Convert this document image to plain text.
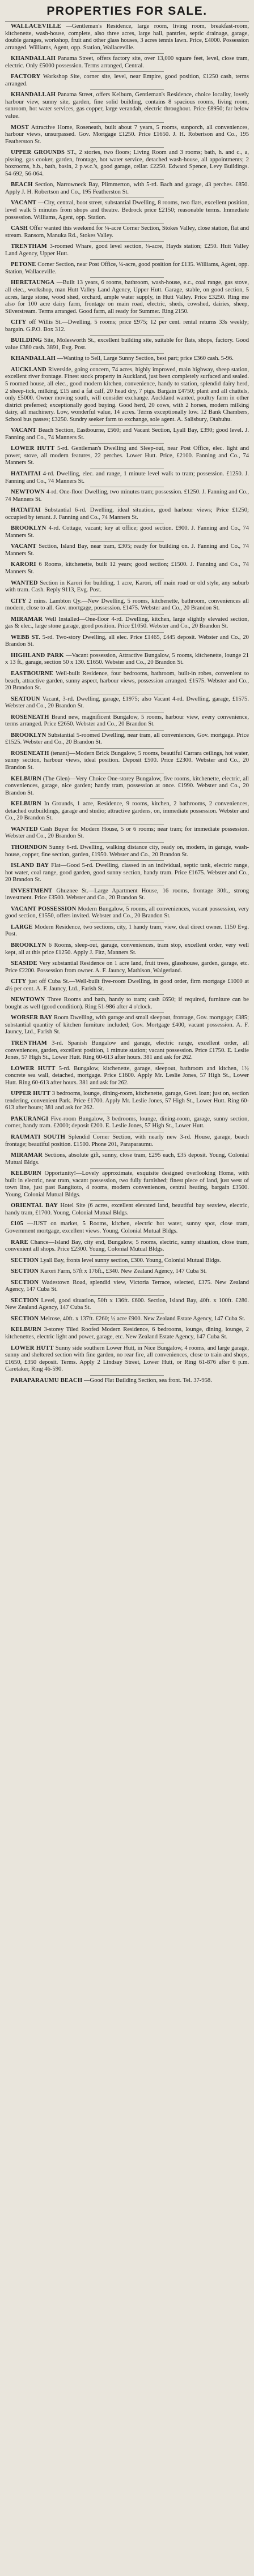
PROPERTIES FOR SALE.

WALLACEVILLE —Gentleman's Residence, large room, living room, breakfast-room, kitchenette, wash-house, complete, also three acres, large hall, pantries, septic drainage, garage, double garages, workshop, fruit and other glass houses, 3 acres tennis lawn. Price, £4000. Possession arranged. Williams, Agent, opp. Station, Wallaceville.

KHANDALLAH Panama Street, offers factory site, over 13,000 square feet, level, close tram, electric. Only £5000 possession. Terms arranged, Central.

FACTORY Workshop Site, corner site, level, near Empire, good position, £1250 cash, terms arranged.

KHANDALLAH Panama Street, offers Kelburn, Gentleman's Residence, choice locality, lovely harbour view, sunny site, garden, fine solid building, contains 8 spacious rooms, living room, sunroom, hot water services, gas copper, large verandah, electric throughout. Price £8950; far below value.

MOST Attractive Home, Roseneath, built about 7 years, 5 rooms, sunporch, all conveniences, harbour views, unsurpassed. Gov. Mortgage £1250. Price £1650. J. H. Robertson and Co., 195 Featherston St.

UPPER GROUNDS ST., 2 stories, two floors; Living Room and 3 rooms; bath, h. and c., a, pissing, gas cooker, garden, frontage, hot water service, detached wash-house, all appointments; 2 boxrooms, h.b., bath, basin, 2 p.w.c.'s, good garage, cellar. £2250. Edward Spence, Levy Buildings. 54-692, 56-064.

BEACH Section, Narrowneck Bay, Plimmerton, with 5-rd. Bach and garage, 43 perches. £850. Apply J. H. Robertson and Co., 195 Featherston St.

VACANT —City, central, boot street, substantial Dwelling, 8 rooms, two flats, excellent position, level walk 5 minutes from shops and theatre. Bedrock price £2150; reasonable terms. Immediate possession. Williams, Agent, opp. Station.

CASH Offer wanted this weekend for ¼-acre Corner Section, Stokes Valley, close station, flat and stream. Ransom, Manuka Rd., Stokes Valley.

TRENTHAM 3-roomed Whare, good level section, ¼-acre, Hayds station; £250. Hutt Valley Land Agency, Upper Hutt.

PETONE Corner Section, near Post Office, ¼-acre, good position for £135. Williams, Agent, opp. Station, Wallaceville.

HERETAUNGA —Built 13 years, 6 rooms, bathroom, wash-house, e.c., coal range, gas stove, all elec., workshop, man Hutt Valley Land Agency, Upper Hutt. Garage, stable, on good section, 5 acres, large stone, wood shed, orchard, ample water supply, in Hutt Valley. Price £3250. Ring me also for 100 acre dairy farm, frontage on main road, electric, sheds, cowshed, dairies, sheep, Silverstream. Terms arranged. Good farm, all ready for Summer. Ring 2150.

CITY off Willis St.—Dwelling, 5 rooms; price £975; 12 per cent. rental returns 33s weekly; bargain. G.P.O. Box 312.

BUILDING Site, Molesworth St., excellent building site, suitable for flats, shops, factory. Good value £380 cash. 3891, Evg. Post.

KHANDALLAH —Wanting to Sell, Large Sunny Section, best part; price £360 cash. 5-96.

AUCKLAND Riverside, going concern, 74 acres, highly improved, main highway, sheep station, excellent river frontage. Finest stock property in Auckland, just been completely surfaced and sealed. 5 roomed house, all elec., good modern kitchen, convenience, handy to station, splendid dairy herd, 2 sheep-tick, milking, £15 and a fat calf, 20 head dry, 7 pigs. Bargain £4750; plant and all chattels, only £5000. Owner moving south, will consider exchange. Auckland wanted, poultry farm in other district preferred; exceptionally good buying. Good herd, 20 cows, with 2 horses, modern milking dairy, all machinery. Low, wonderful value, 14 acres. Terms exceptionally low. 12 Bank Chambers, School bus passes; £3250. Sundry seeker farm to exchange, sole agent. A. Salisbury, Otahuhu.

VACANT Beach Section, Eastbourne, £560; and Vacant Section, Lyall Bay, £390; good level. J. Fanning and Co., 74 Manners St.

LOWER HUTT 5-rd. Gentleman's Dwelling and Sleep-out, near Post Office, elec. light and power, stove, all modern features, 22 perches. Lower Hutt. Price, £2100. Fanning and Co., 74 Manners St.

HATAITAI 4-rd. Dwelling, elec. and range, 1 minute level walk to tram; possession. £1250. J. Fanning and Co., 74 Manners St.

NEWTOWN 4-rd. One-floor Dwelling, two minutes tram; possession. £1250. J. Fanning and Co., 74 Manners St.

HATAITAI Substantial 6-rd. Dwelling, ideal situation, good harbour views; Price £1250; occupied by tenant. J. Fanning and Co., 74 Manners St.

BROOKLYN 4-rd. Cottage, vacant; key at office; good section. £900. J. Fanning and Co., 74 Manners St.

VACANT Section, Island Bay, near tram, £305; ready for building on. J. Fanning and Co., 74 Manners St.

KARORI 6 Rooms, kitchenette, built 12 years; good section; £1500. J. Fanning and Co., 74 Manners St.

WANTED Section in Karori for building, 1 acre, Karori, off main road or old style, any suburb with tram. Cash. Reply 9113, Evg. Post.

CITY 2 mins. Lambton Qy.—New Dwelling, 5 rooms, kitchenette, bathroom, conveniences all modern, close to all. Gov. mortgage, possession. £1475. Webster and Co., 20 Brandon St.

MIRAMAR Well Installed—One-floor 4-rd. Dwelling, kitchen, large slightly elevated section, gas & elec., large stone garage, good position. Price £1050. Webster and Co., 20 Brandon St.

WEBB ST. 5-rd. Two-story Dwelling, all elec. Price £1465, £445 deposit. Webster and Co., 20 Brandon St.

HIGHLAND PARK —Vacant possession, Attractive Bungalow, 5 rooms, kitchenette, lounge 21 x 13 ft., garage, section 50 x 130. £1650. Webster and Co., 20 Brandon St.

EASTBOURNE Well-built Residence, four bedrooms, bathroom, built-in robes, convenient to beach, attractive garden, sunny aspect, harbour views, possession arranged. £1575. Webster and Co., 20 Brandon St.

SEATOUN Vacant, 3-rd. Dwelling, garage, £1975; also Vacant 4-rd. Dwelling, garage, £1575. Webster and Co., 20 Brandon St.

ROSENEATH Brand new, magnificent Bungalow, 5 rooms, harbour view, every convenience, terms arranged. Price £2650. Webster and Co., 20 Brandon St.

BROOKLYN Substantial 5-roomed Dwelling, near tram, all conveniences, Gov. mortgage. Price £1525. Webster and Co., 20 Brandon St.

ROSENEATH (tenant)—Modern Brick Bungalow, 5 rooms, beautiful Carrara ceilings, hot water, sunny section, harbour views, ideal position. Deposit £500. Price £2300. Webster and Co., 20 Brandon St.

KELBURN (The Glen)—Very Choice One-storey Bungalow, five rooms, kitchenette, electric, all conveniences, garage, nice garden; handy tram, possession at once. £1990. Webster and Co., 20 Brandon St.

KELBURN In Grounds, 1 acre, Residence, 9 rooms, kitchen, 2 bathrooms, 2 conveniences, detached outbuildings, garage and studio; attractive gardens, on, immediate possession. Webster and Co., 20 Brandon St.

WANTED Cash Buyer for Modern House, 5 or 6 rooms; near tram; for immediate possession. Webster and Co., 20 Brandon St.

THORNDON Sunny 6-rd. Dwelling, walking distance city, ready on, modern, in garage, wash-house, copper, fine section, garden, £1950. Webster and Co., 20 Brandon St.

ISLAND BAY Flat—Good 5-rd. Dwelling, classed in an individual, septic tank, electric range, hot water, coal range, good garden, good sunny section, handy tram. Price £1675. Webster and Co., 20 Brandon St.

INVESTMENT Ghuznee St.—Large Apartment House, 16 rooms, frontage 30ft., strong investment. Price £3500. Webster and Co., 20 Brandon St.

VACANT POSSESSION Modern Bungalow, 5 rooms, all conveniences, vacant possession, very good section, £1550, offers invited. Webster and Co., 20 Brandon St.

LARGE Modern Residence, two sections, city, 1 handy tram, view, deal direct owner. 1150 Evg. Post.

BROOKLYN 6 Rooms, sleep-out, garage, conveniences, tram stop, excellent order, very well kept, all at this price £1250. Apply J. Fitz, Manners St.

SEASIDE Very substantial Residence on 1 acre land, fruit trees, glasshouse, garden, garage, etc. Price £2200. Possession from owner. A. F. Jauncy, Mathison, Walgerland.

CITY just off Cuba St.—Well-built five-room Dwelling, in good order, firm mortgage £1000 at 4½ per cent. A. F. Jauncy, Ltd., Farish St.

NEWTOWN Three Rooms and bath, handy to tram; cash £650; if required, furniture can be bought as well (good condition). Ring 51-986 after 4 o'clock.

WORSER BAY Room Dwelling, with garage and small sleepout, frontage, Gov. mortgage; £385; substantial quantity of kitchen furniture included; Gov. Mortgage £400, vacant possession. A. F. Jauncy, Ltd., Farish St.

TRENTHAM 3-rd. Spanish Bungalow and garage, electric range, excellent order, all conveniences, garden, excellent position, 1 minute station; vacant possession. Price £1750. E. Leslie Jones, 57 High St., Lower Hutt. Ring 60-613 after hours. 381 and ask for 262.

LOWER HUTT 5-rd. Bungalow, kitchenette, garage, sleepout, bathroom and kitchen, 1½ concrete sea wall, detached, mortgage. Price £1600. Apply Mr. Leslie Jones, 57 High St., Lower Hutt. Ring 60-613 after hours. 381 and ask for 262.

UPPER HUTT 3 bedrooms, lounge, dining-room, kitchenette, garage, Govt. loan; just on, section tendering, convenient Park. Price £1700. Apply Mr. Leslie Jones, 57 High St., Lower Hutt. Ring 60-613 after hours; 381 and ask for 262.

PAKURANGI Five-room Bungalow, 3 bedrooms, lounge, dining-room, garage, sunny section, corner, handy tram. £2000; deposit £200. E. Leslie Jones, 57 High St., Lower Hutt.

RAUMATI SOUTH Splendid Corner Section, with nearly new 3-rd. House, garage, beach frontage; beautiful position. £1500. Phone 201, Paraparaumu.

MIRAMAR Sections, absolute gift, sunny, close tram, £295 each, £35 deposit. Young, Colonial Mutual Bldgs.

KELBURN Opportunity!—Lovely approximate, exquisite designed overlooking Home, with built in electric, near tram, vacant possession, two fully furnished; finest piece of land, just west of town line, just past Rangitoto, 4 rooms, modern conveniences, central heating, bargain £3500. Young, Colonial Mutual Bldgs.

ORIENTAL BAY Hotel Site (6 acres, excellent elevated land, beautiful bay seaview, electric, handy tram, £1700. Young, Colonial Mutual Bldgs.

£105 —JUST on market, 5 Rooms, kitchen, electric hot water, sunny spot, close tram, Government mortgage, excellent views. Young, Colonial Mutual Bldgs.

RARE Chance—Island Bay, city end, Bungalow, 5 rooms, electric, sunny situation, close tram, convenient all shops. Price £2300. Young, Colonial Mutual Bldgs.

SECTION Lyall Bay, fronts level sunny section, £300. Young, Colonial Mutual Bldgs.

SECTION Karori Farm, 57ft x 176ft., £340. New Zealand Agency, 147 Cuba St.

SECTION Wadestown Road, splendid view, Victoria Terrace, selected, £375. New Zealand Agency, 147 Cuba St.

SECTION Level, good situation, 50ft x 136ft. £600. Section, Island Bay, 40ft. x 100ft. £280. New Zealand Agency, 147 Cuba St.

SECTION Melrose, 40ft. x 137ft. £260; ½ acre £900. New Zealand Estate Agency, 147 Cuba St.

KELBURN 3-storey Tiled Roofed Modern Residence, 6 bedrooms, lounge, dining, lounge, 2 kitchenettes, electric light and power, garage, etc. New Zealand Estate Agency, 147 Cuba St.

LOWER HUTT Sunny side southern Lower Hutt, in Nice Bungalow, 4 rooms, and large garage, sunny and sheltered section with fine garden, no rear fire, all conveniences, close to train and shops, £1650, £350 deposit. Terms. Apply 2 Lindsay Street, Lower Hutt, or Ring 61-876 after 6 p.m. Caretaker, Ring 46-590.

PARAPARAUMU BEACH —Good Flat Building Section, sea front. Tel. 37-958.
